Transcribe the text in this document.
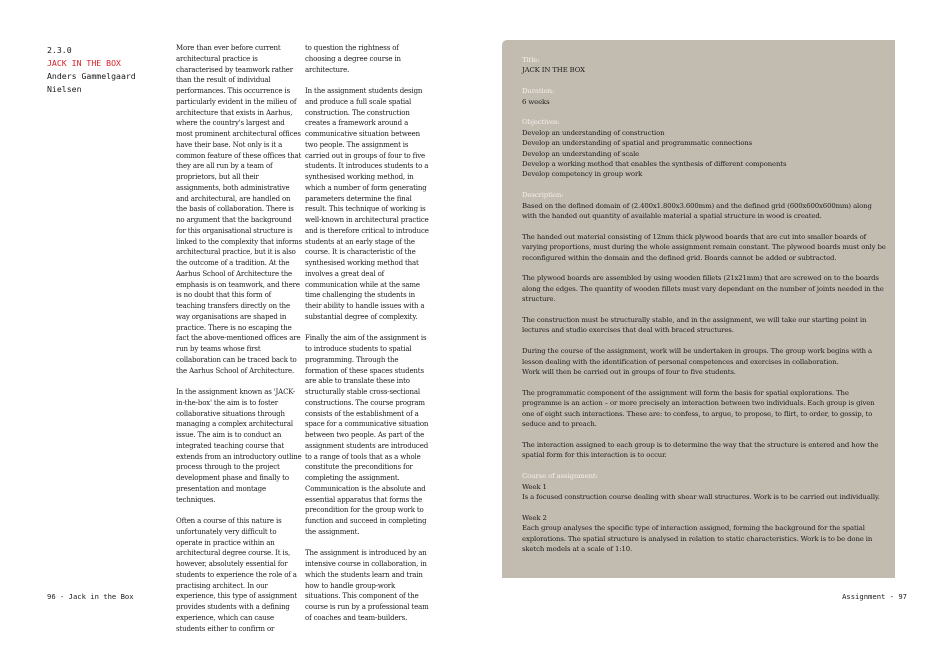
2.3.0
JACK IN THE BOX
Anders Gammelgaard Nielsen

More than ever before current architectural practice is characterised by teamwork rather than the result of individual performances. This occurrence is particularly evident in the milieu of architecture that exists in Aarhus, where the country's largest and most prominent architectural offices have their base. Not only is it a common feature of these offices that they are all run by a team of proprietors, but all their assignments, both administrative and architectural, are handled on the basis of collaboration. There is no argument that the background for this organisational structure is linked to the complexity that informs architectural practice, but it is also the outcome of a tradition. At the Aarhus School of Architecture the emphasis is on teamwork, and there is no doubt that this form of teaching transfers directly on the way organisations are shaped in practice. There is no escaping the fact the above-mentioned offices are run by teams whose first collaboration can be traced back to the Aarhus School of Architecture.

In the assignment known as 'JACK-in-the-box' the aim is to foster collaborative situations through managing a complex architectural issue. The aim is to conduct an integrated teaching course that extends from an introductory outline process through to the project development phase and finally to presentation and montage techniques.

Often a course of this nature is unfortunately very difficult to operate in practice within an architectural degree course. It is, however, absolutely essential for students to experience the role of a practising architect. In our experience, this type of assignment provides students with a defining experience, which can cause students either to confirm or

to question the rightness of choosing a degree course in architecture.

In the assignment students design and produce a full scale spatial construction. The construction creates a framework around a communicative situation between two people. The assignment is carried out in groups of four to five students. It introduces students to a synthesised working method, in which a number of form generating parameters determine the final result. This technique of working is well-known in architectural practice and is therefore critical to introduce students at an early stage of the course. It is characteristic of the synthesised working method that involves a great deal of communication while at the same time challenging the students in their ability to handle issues with a substantial degree of complexity.

Finally the aim of the assignment is to introduce students to spatial programming. Through the formation of these spaces students are able to translate these into structurally stable cross-sectional constructions. The course program consists of the establishment of a space for a communicative situation between two people. As part of the assignment students are introduced to a range of tools that as a whole constitute the preconditions for completing the assignment. Communication is the absolute and essential apparatus that forms the precondition for the group work to function and succeed in completing the assignment.

The assignment is introduced by an intensive course in collaboration, in which the students learn and train how to handle group-work situations. This component of the course is run by a professional team of coaches and team-builders.

Title:
JACK IN THE BOX
Duration:
6 weeks
Objectives:
Develop an understanding of construction
Develop an understanding of spatial and programmatic connections
Develop an understanding of scale
Develop a working method that enables the synthesis of different components
Develop competency in group work
Description:

Based on the defined domain of (2.400x1.800x3.600mm) and the defined grid (600x600x600mm) along with the handed out quantity of available material a spatial structure in wood is created.

The handed out material consisting of 12mm thick plywood boards that are cut into smaller boards of varying proportions, must during the whole assignment remain constant. The plywood boards must only be reconfigured within the domain and the defined grid. Boards cannot be added or subtracted.

The plywood boards are assembled by using wooden fillets (21x21mm) that are screwed on to the boards along the edges. The quantity of wooden fillets must vary dependant on the number of joints needed in the structure.

The construction must be structurally stable, and in the assignment, we will take our starting point in lectures and studio exercises that deal with braced structures.

During the course of the assignment, work will be undertaken in groups. The group work begins with a lesson dealing with the identification of personal competences and exercises in collaboration.

Work will then be carried out in groups of four to five students.

The programmatic component of the assignment will form the basis for spatial explorations. The programme is an action – or more precisely an interaction between two individuals. Each group is given one of eight such interactions. These are: to confess, to argue, to propose, to flirt, to order, to gossip, to seduce and to preach.

The interaction assigned to each group is to determine the way that the structure is entered and how the spatial form for this interaction is to occur.

Course of assignment:
Week 1

Is a focused construction course dealing with shear wall structures. Work is to be carried out individually.

Week 2

Each group analyses the specific type of interaction assigned, forming the background for the spatial explorations. The spatial structure is analysed in relation to static characteristics. Work is to be done in sketch models at a scale of 1:10.

96 - Jack in the Box	Assignment - 97
